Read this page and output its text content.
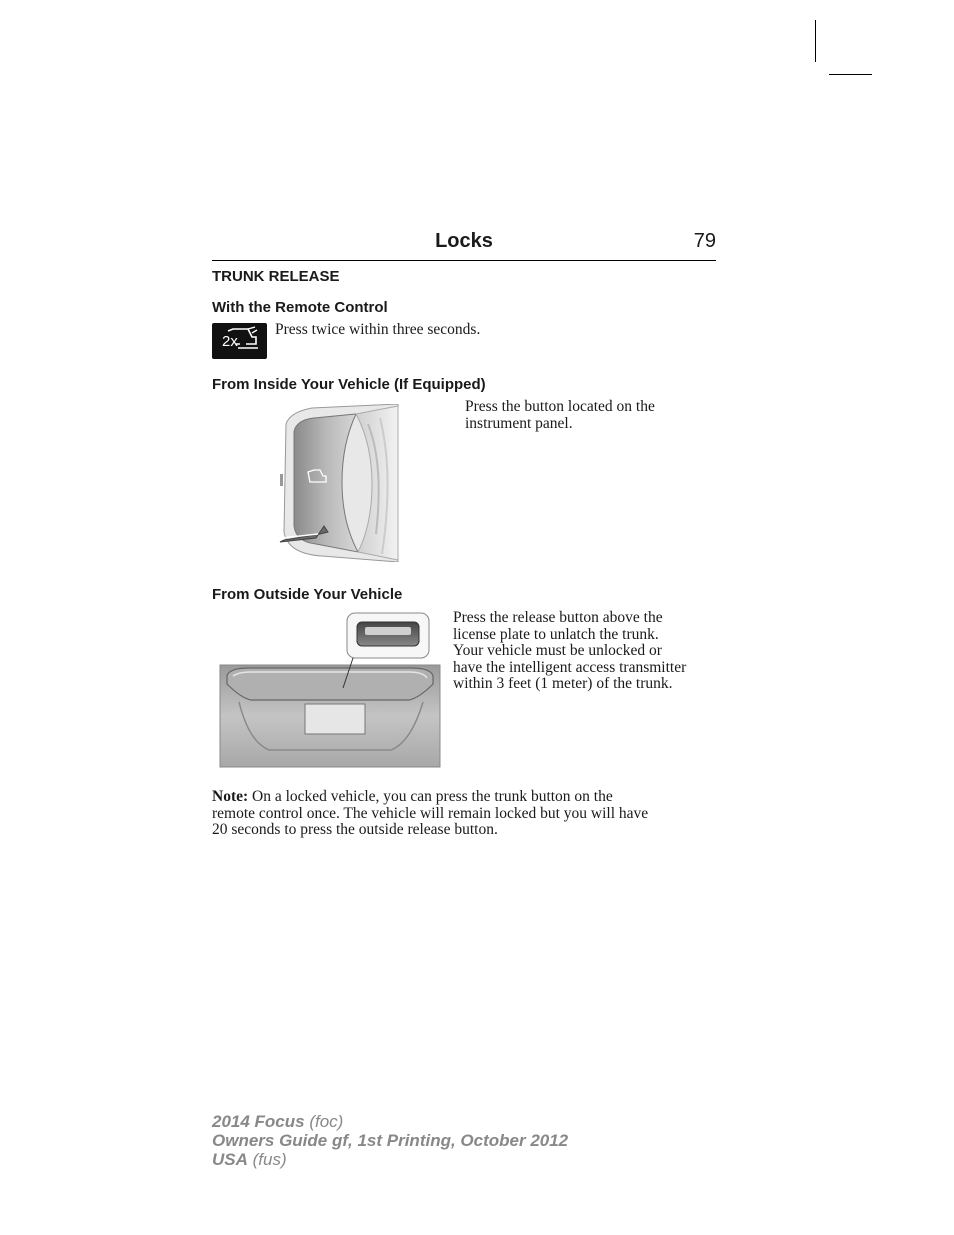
Locks	79
TRUNK RELEASE
With the Remote Control
2x
Press twice within three seconds.
From Inside Your Vehicle (If Equipped)
Press the button located on the
instrument panel.
From Outside Your Vehicle
Press the release button above the
license plate to unlatch the trunk.
Your vehicle must be unlocked or
have the intelligent access transmitter
within 3 feet (1 meter) of the trunk.
Note: On a locked vehicle, you can press the trunk button on the
remote control once. The vehicle will remain locked but you will have
20 seconds to press the outside release button.
2014 Focus (foc)
Owners Guide gf, 1st Printing, October 2012
USA (fus)
